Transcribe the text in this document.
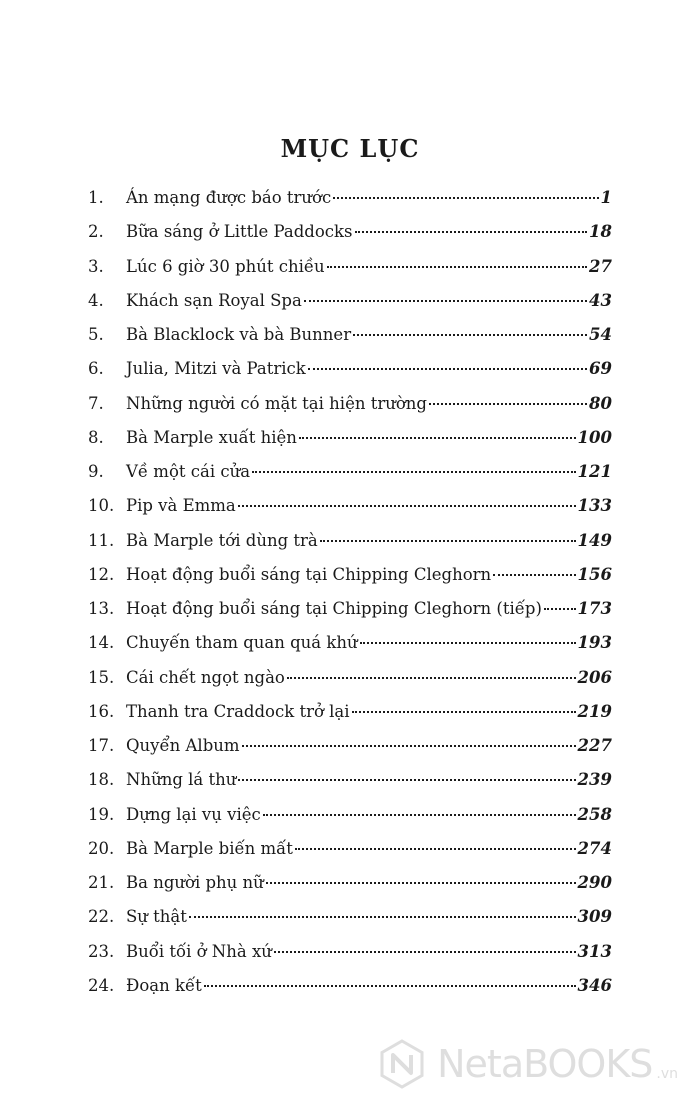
MỤC LỤC
1.	Án mạng được báo trước	1
2.	Bữa sáng ở Little Paddocks	18
3.	Lúc 6 giờ 30 phút chiều	27
4.	Khách sạn Royal Spa	43
5.	Bà Blacklock và bà Bunner	54
6.	Julia, Mitzi và Patrick	69
7.	Những người có mặt tại hiện trường	80
8.	Bà Marple xuất hiện	100
9.	Về một cái cửa	121
10. Pip và Emma	133
11. Bà Marple tới dùng trà	149
12. Hoạt động buổi sáng tại Chipping Cleghorn	156
13. Hoạt động buổi sáng tại Chipping Cleghorn (tiếp) 173
14. Chuyến tham quan quá khứ	193
15. Cái chết ngọt ngào	206
16. Thanh tra Craddock trở lại	219
17. Quyển Album	227
18. Những lá thư	239
19. Dựng lại vụ việc	258
20. Bà Marple biến mất	274
21. Ba người phụ nữ	290
22. Sự thật	309
23. Buổi tối ở Nhà xứ	313
24. Đoạn kết	346
NetaBOOKS .vn
